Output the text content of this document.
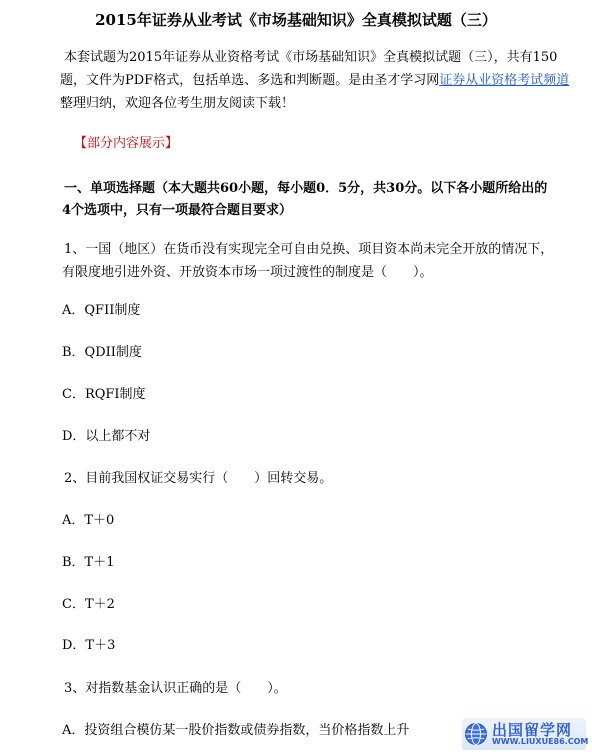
2015年证券从业考试《市场基础知识》全真模拟试题（三）
本套试题为2015年证券从业资格考试《市场基础知识》全真模拟试题（三），共有150
题，文件为PDF格式，包括单选、多选和判断题。是由圣才学习网证券从业资格考试频道
整理归纳，欢迎各位考生朋友阅读下载！
【部分内容展示】
一、单项选择题（本大题共60小题，每小题0．5分，共30分。以下各小题所给出的
4个选项中，只有一项最符合题目要求）
1、一国（地区）在货币没有实现完全可自由兑换、项目资本尚未完全开放的情况下，
有限度地引进外资、开放资本市场一项过渡性的制度是（　　）。
A．QFII制度
B．QDII制度
C．RQFI制度
D．以上都不对
2、目前我国权证交易实行（　　）回转交易。
A．T＋0
B．T＋1
C．T＋2
D．T＋3
3、对指数基金认识正确的是（　　）。
A．投资组合模仿某一股价指数或债券指数，当价格指数上升	出国留学网
WWW.LIUXUE86.COM
